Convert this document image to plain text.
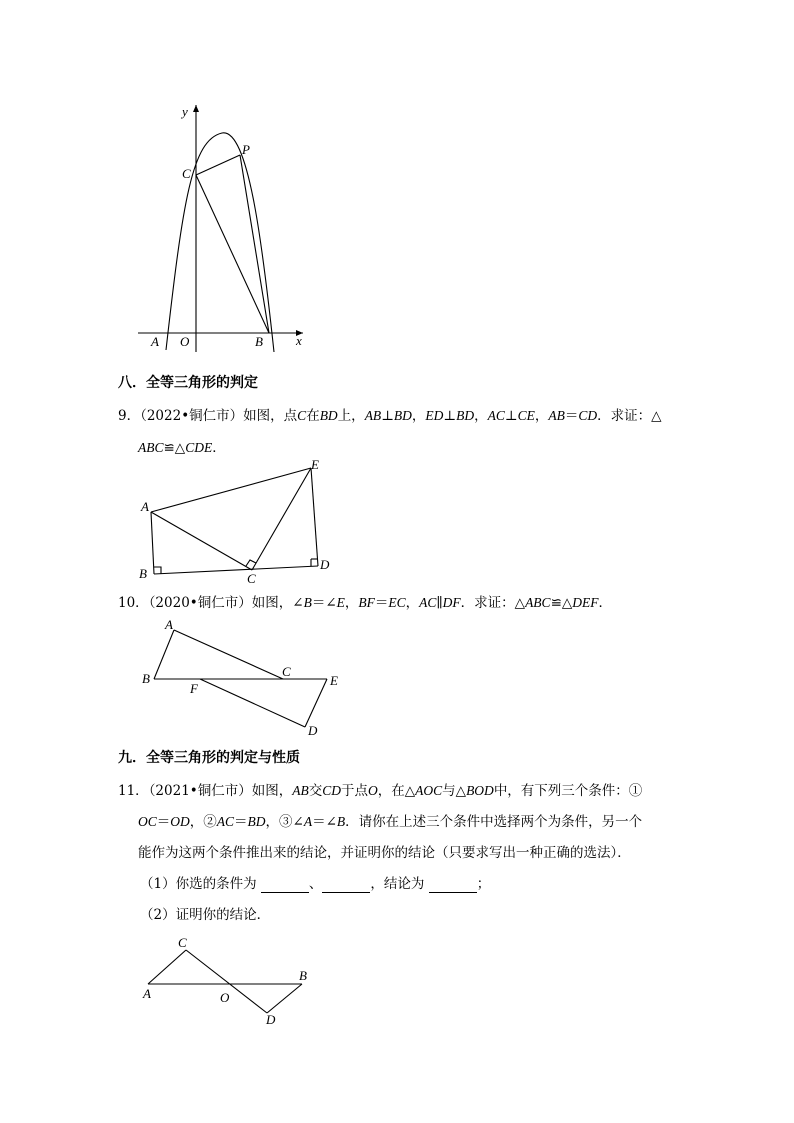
y
x
C
P
A O	B
八．全等三角形的判定
9．（2022•铜仁市）如图，点C在BD上，AB⊥BD，ED⊥BD，AC⊥CE，AB＝CD．求证：△
ABC≌△CDE．
A
B	C
D
E
10．（2020•铜仁市）如图，∠B＝∠E，BF＝EC，AC∥DF．求证：△ABC≌△DEF．
A
B	C
E
F
D
九．全等三角形的判定与性质
11．（2021•铜仁市）如图，AB交CD于点O，在△AOC与△BOD中，有下列三个条件：①
OC＝OD，②AC＝BD，③∠A＝∠B．请你在上述三个条件中选择两个为条件，另一个
能作为这两个条件推出来的结论，并证明你的结论（只要求写出一种正确的选法）．
（1）你选的条件为	、	，结论为	；
（2）证明你的结论．
C
A	O
B
D
